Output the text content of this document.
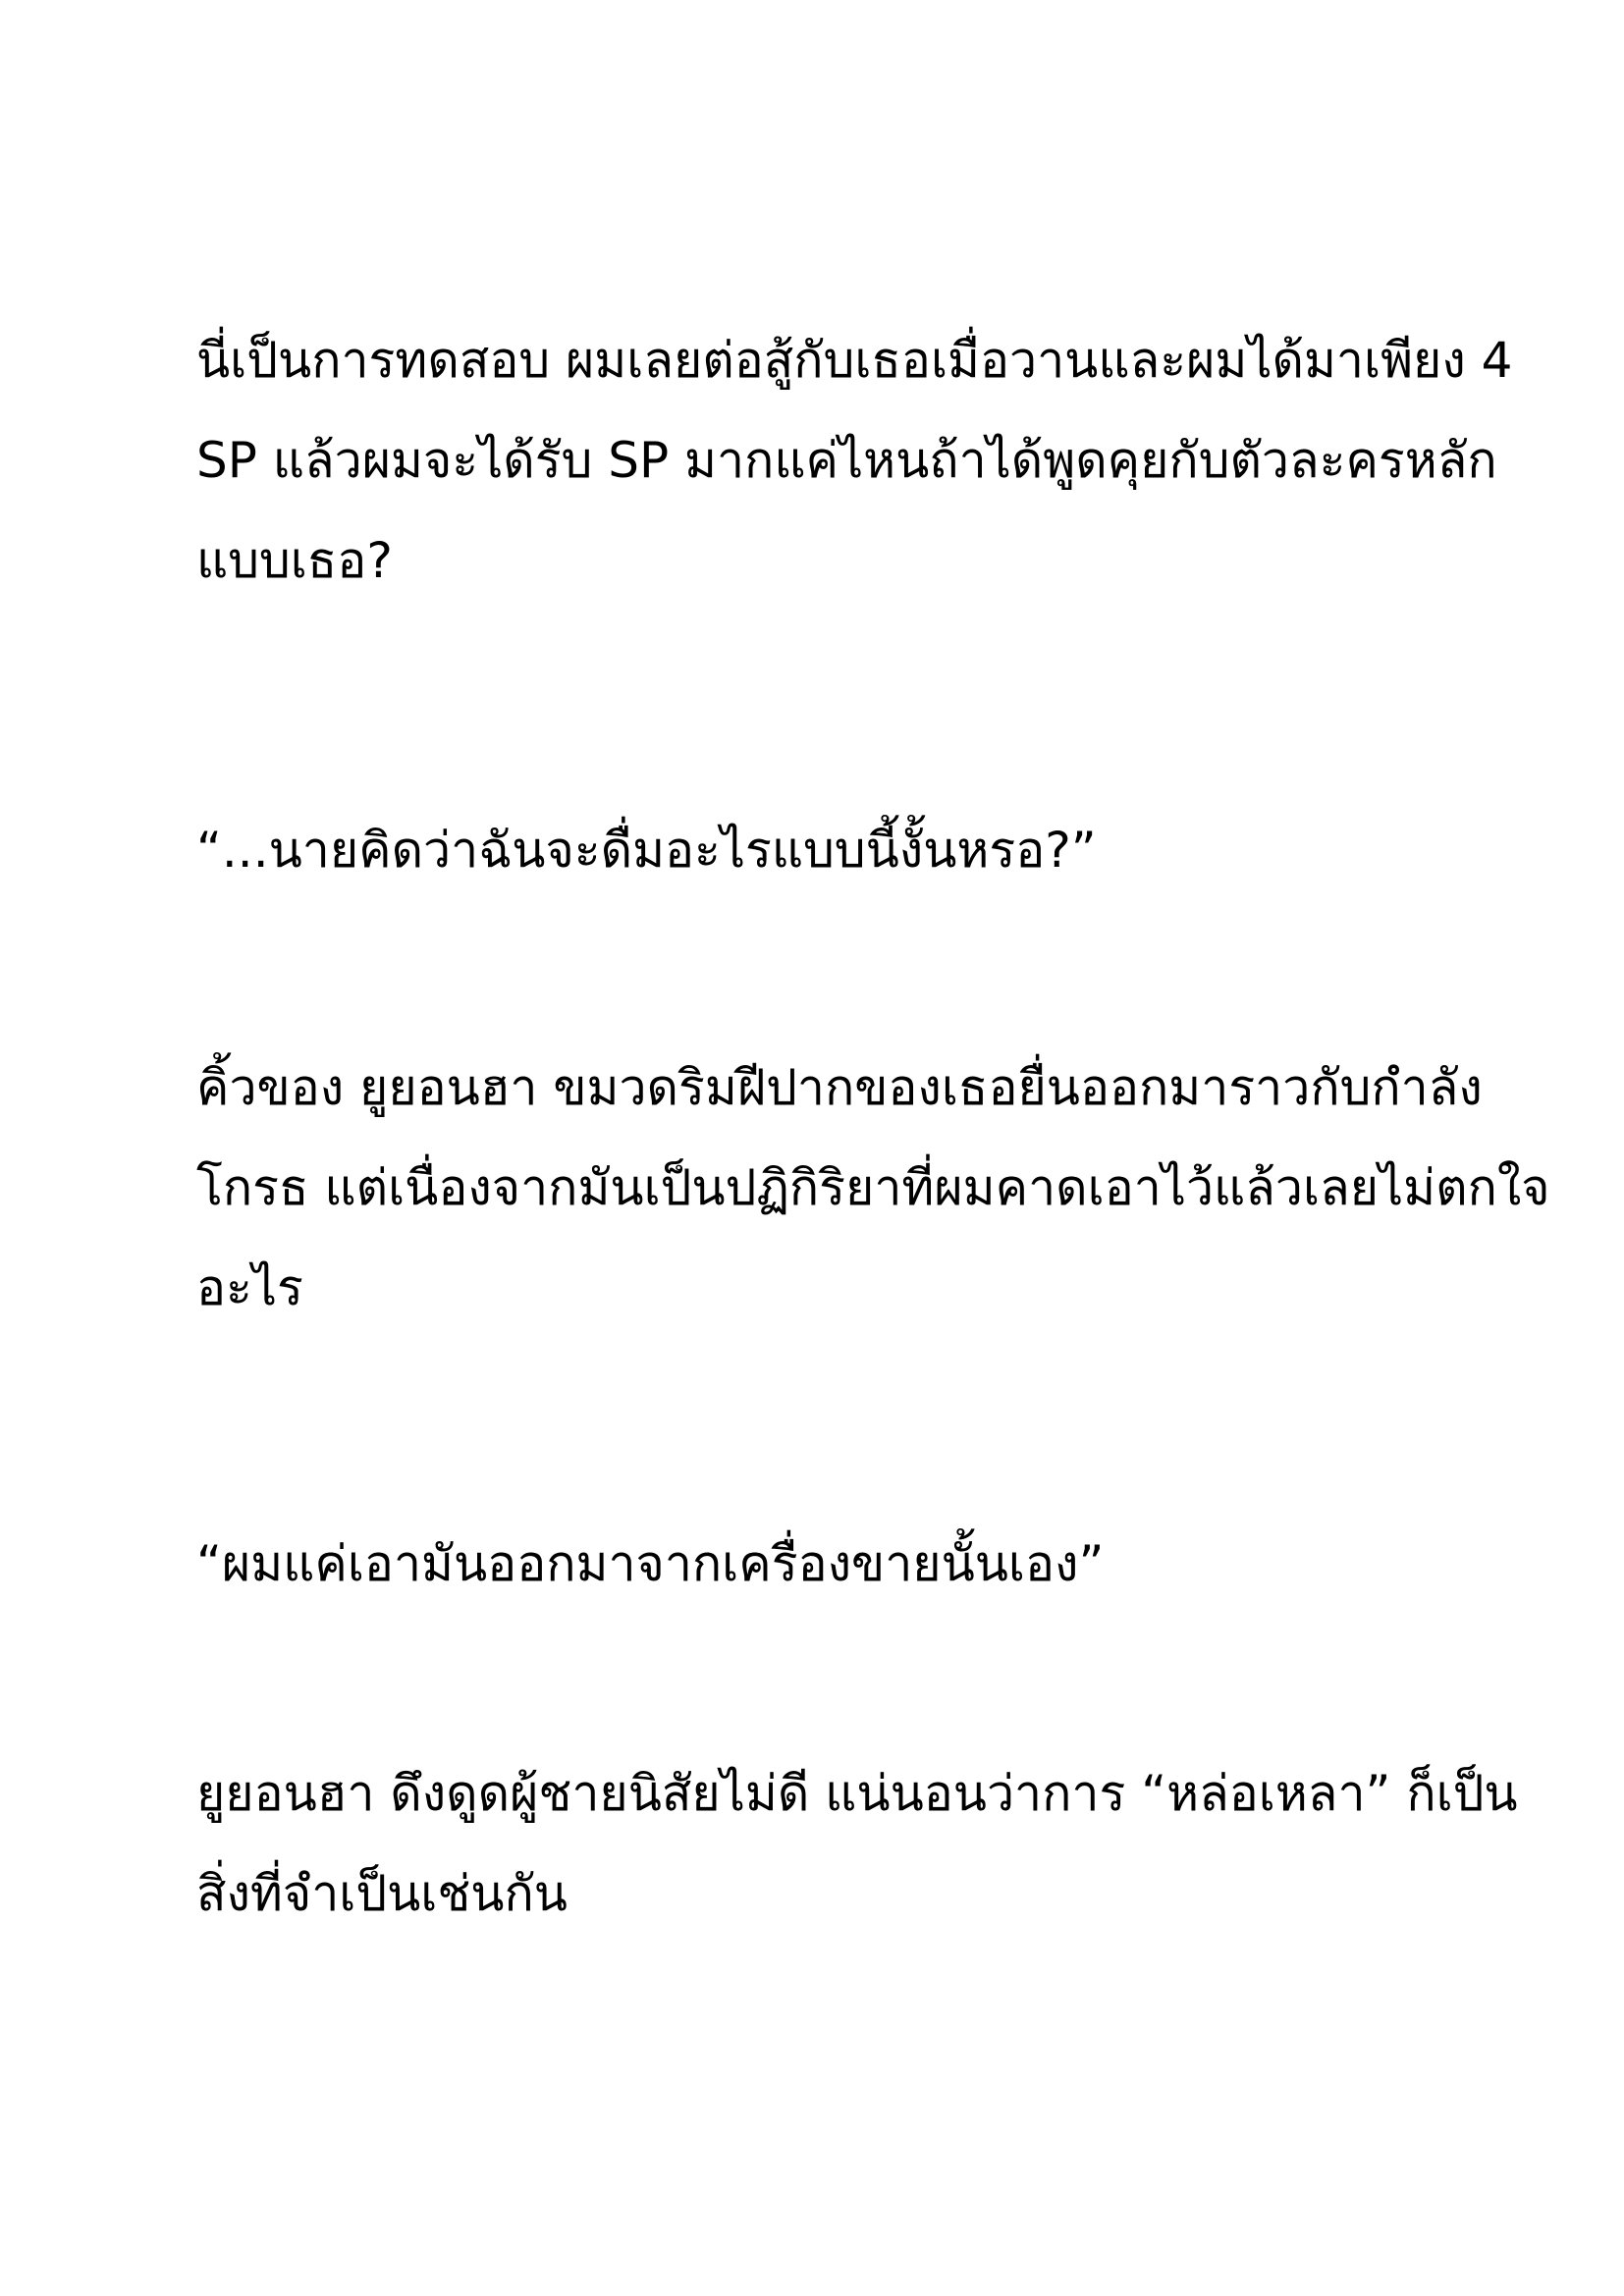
นี่เป็นการทดสอบ ผมเลยต่อสู้กับเธอเมื่อวานและผมได้มาเพียง 4
SP แล้วผมจะได้รับ SP มากแค่ไหนถ้าได้พูดคุยกับตัวละครหลัก
แบบเธอ?

“...นายคิดว่าฉันจะดื่มอะไรแบบนี้งั้นหรอ?”

คิ้วของ ยูยอนฮา ขมวดริมฝีปากของเธอยื่นออกมาราวกับกำลัง
โกรธ แต่เนื่องจากมันเป็นปฏิกิริยาที่ผมคาดเอาไว้แล้วเลยไม่ตกใจ
อะไร

“ผมแค่เอามันออกมาจากเครื่องขายนั้นเอง”

ยูยอนฮา ดึงดูดผู้ชายนิสัยไม่ดี แน่นอนว่าการ “หล่อเหลา” ก็เป็น
สิ่งที่จำเป็นเช่นกัน
